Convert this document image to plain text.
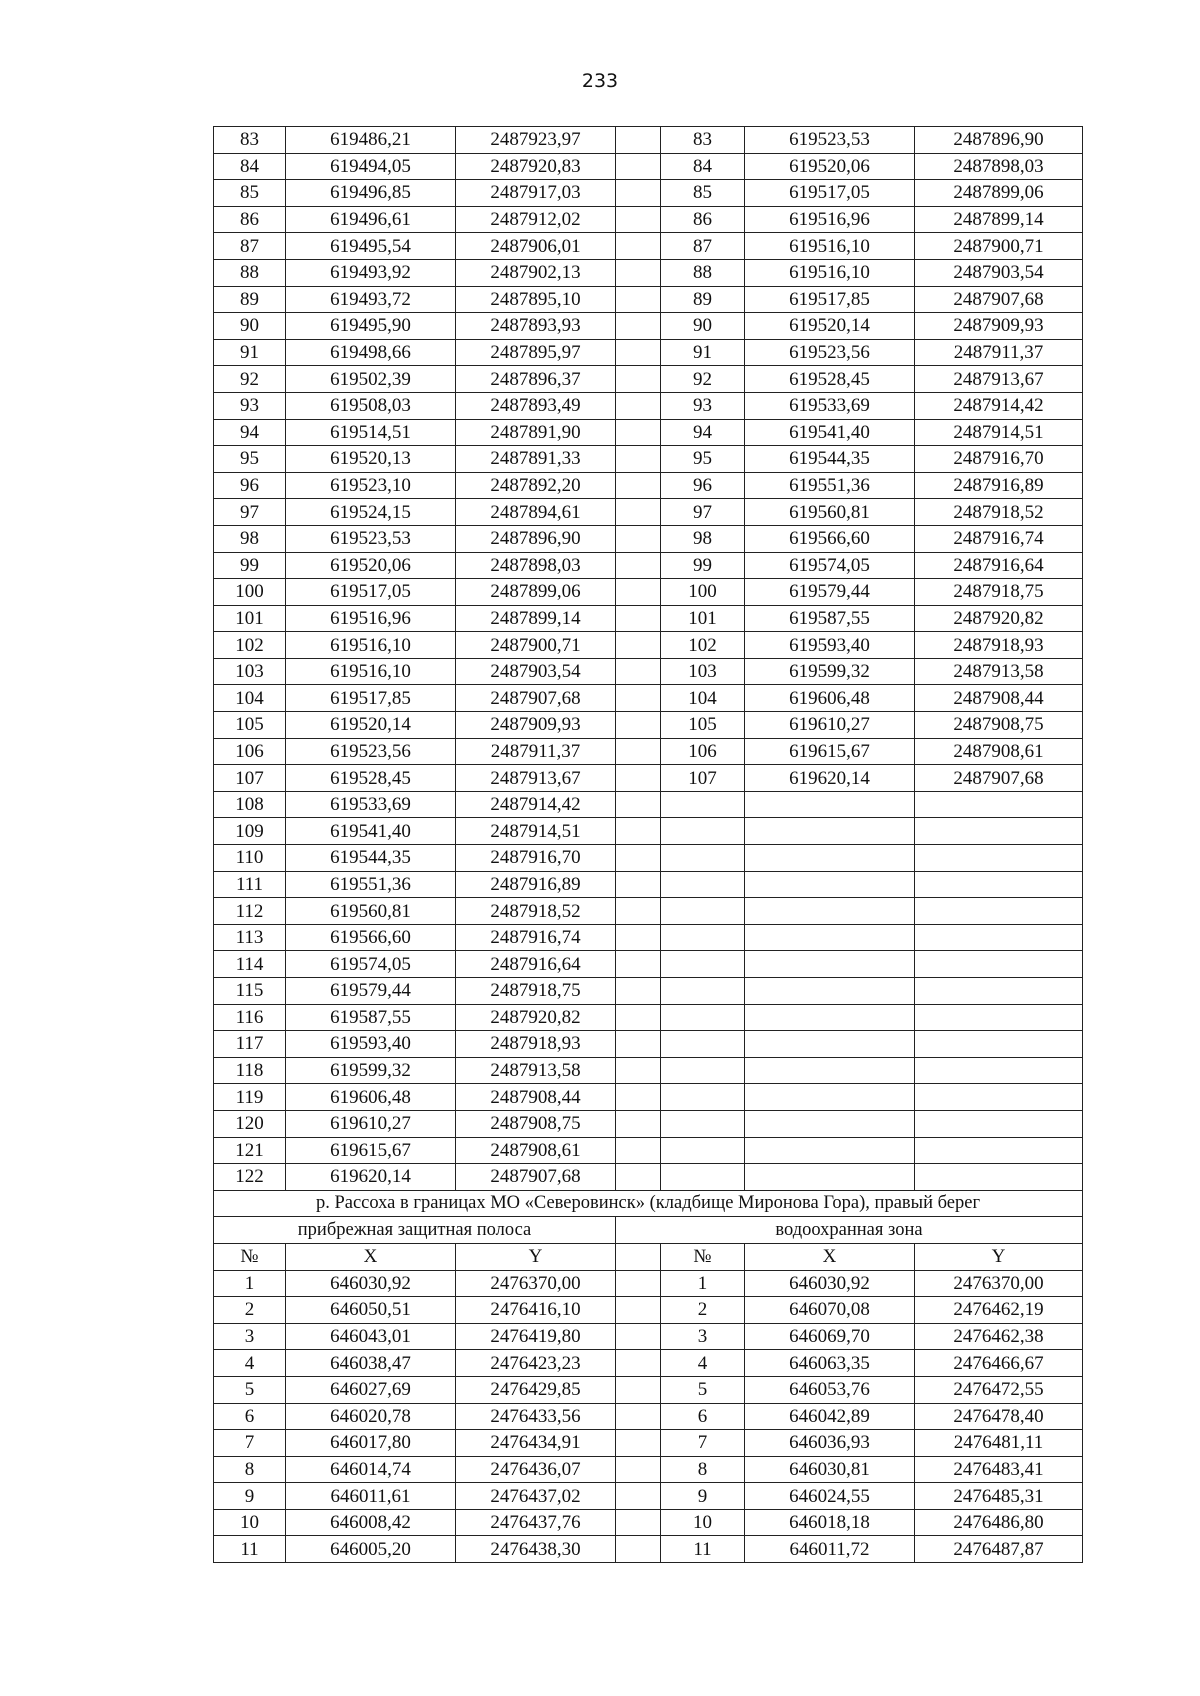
233
83	619486,21	2487923,97		83	619523,53	2487896,90
84	619494,05	2487920,83		84	619520,06	2487898,03
85	619496,85	2487917,03		85	619517,05	2487899,06
86	619496,61	2487912,02		86	619516,96	2487899,14
87	619495,54	2487906,01		87	619516,10	2487900,71
88	619493,92	2487902,13		88	619516,10	2487903,54
89	619493,72	2487895,10		89	619517,85	2487907,68
90	619495,90	2487893,93		90	619520,14	2487909,93
91	619498,66	2487895,97		91	619523,56	2487911,37
92	619502,39	2487896,37		92	619528,45	2487913,67
93	619508,03	2487893,49		93	619533,69	2487914,42
94	619514,51	2487891,90		94	619541,40	2487914,51
95	619520,13	2487891,33		95	619544,35	2487916,70
96	619523,10	2487892,20		96	619551,36	2487916,89
97	619524,15	2487894,61		97	619560,81	2487918,52
98	619523,53	2487896,90		98	619566,60	2487916,74
99	619520,06	2487898,03		99	619574,05	2487916,64
100	619517,05	2487899,06		100	619579,44	2487918,75
101	619516,96	2487899,14		101	619587,55	2487920,82
102	619516,10	2487900,71		102	619593,40	2487918,93
103	619516,10	2487903,54		103	619599,32	2487913,58
104	619517,85	2487907,68		104	619606,48	2487908,44
105	619520,14	2487909,93		105	619610,27	2487908,75
106	619523,56	2487911,37		106	619615,67	2487908,61
107	619528,45	2487913,67		107	619620,14	2487907,68
108	619533,69	2487914,42				
109	619541,40	2487914,51				
110	619544,35	2487916,70				
111	619551,36	2487916,89				
112	619560,81	2487918,52				
113	619566,60	2487916,74				
114	619574,05	2487916,64				
115	619579,44	2487918,75				
116	619587,55	2487920,82				
117	619593,40	2487918,93				
118	619599,32	2487913,58				
119	619606,48	2487908,44				
120	619610,27	2487908,75				
121	619615,67	2487908,61				
122	619620,14	2487907,68				
р. Рассоха в границах МО «Северовинск» (кладбище Миронова Гора), правый берег						
прибрежная защитная полоса			водоохранная зона			
№	X	Y		№	X	Y
1	646030,92	2476370,00		1	646030,92	2476370,00
2	646050,51	2476416,10		2	646070,08	2476462,19
3	646043,01	2476419,80		3	646069,70	2476462,38
4	646038,47	2476423,23		4	646063,35	2476466,67
5	646027,69	2476429,85		5	646053,76	2476472,55
6	646020,78	2476433,56		6	646042,89	2476478,40
7	646017,80	2476434,91		7	646036,93	2476481,11
8	646014,74	2476436,07		8	646030,81	2476483,41
9	646011,61	2476437,02		9	646024,55	2476485,31
10	646008,42	2476437,76		10	646018,18	2476486,80
11	646005,20	2476438,30		11	646011,72	2476487,87
